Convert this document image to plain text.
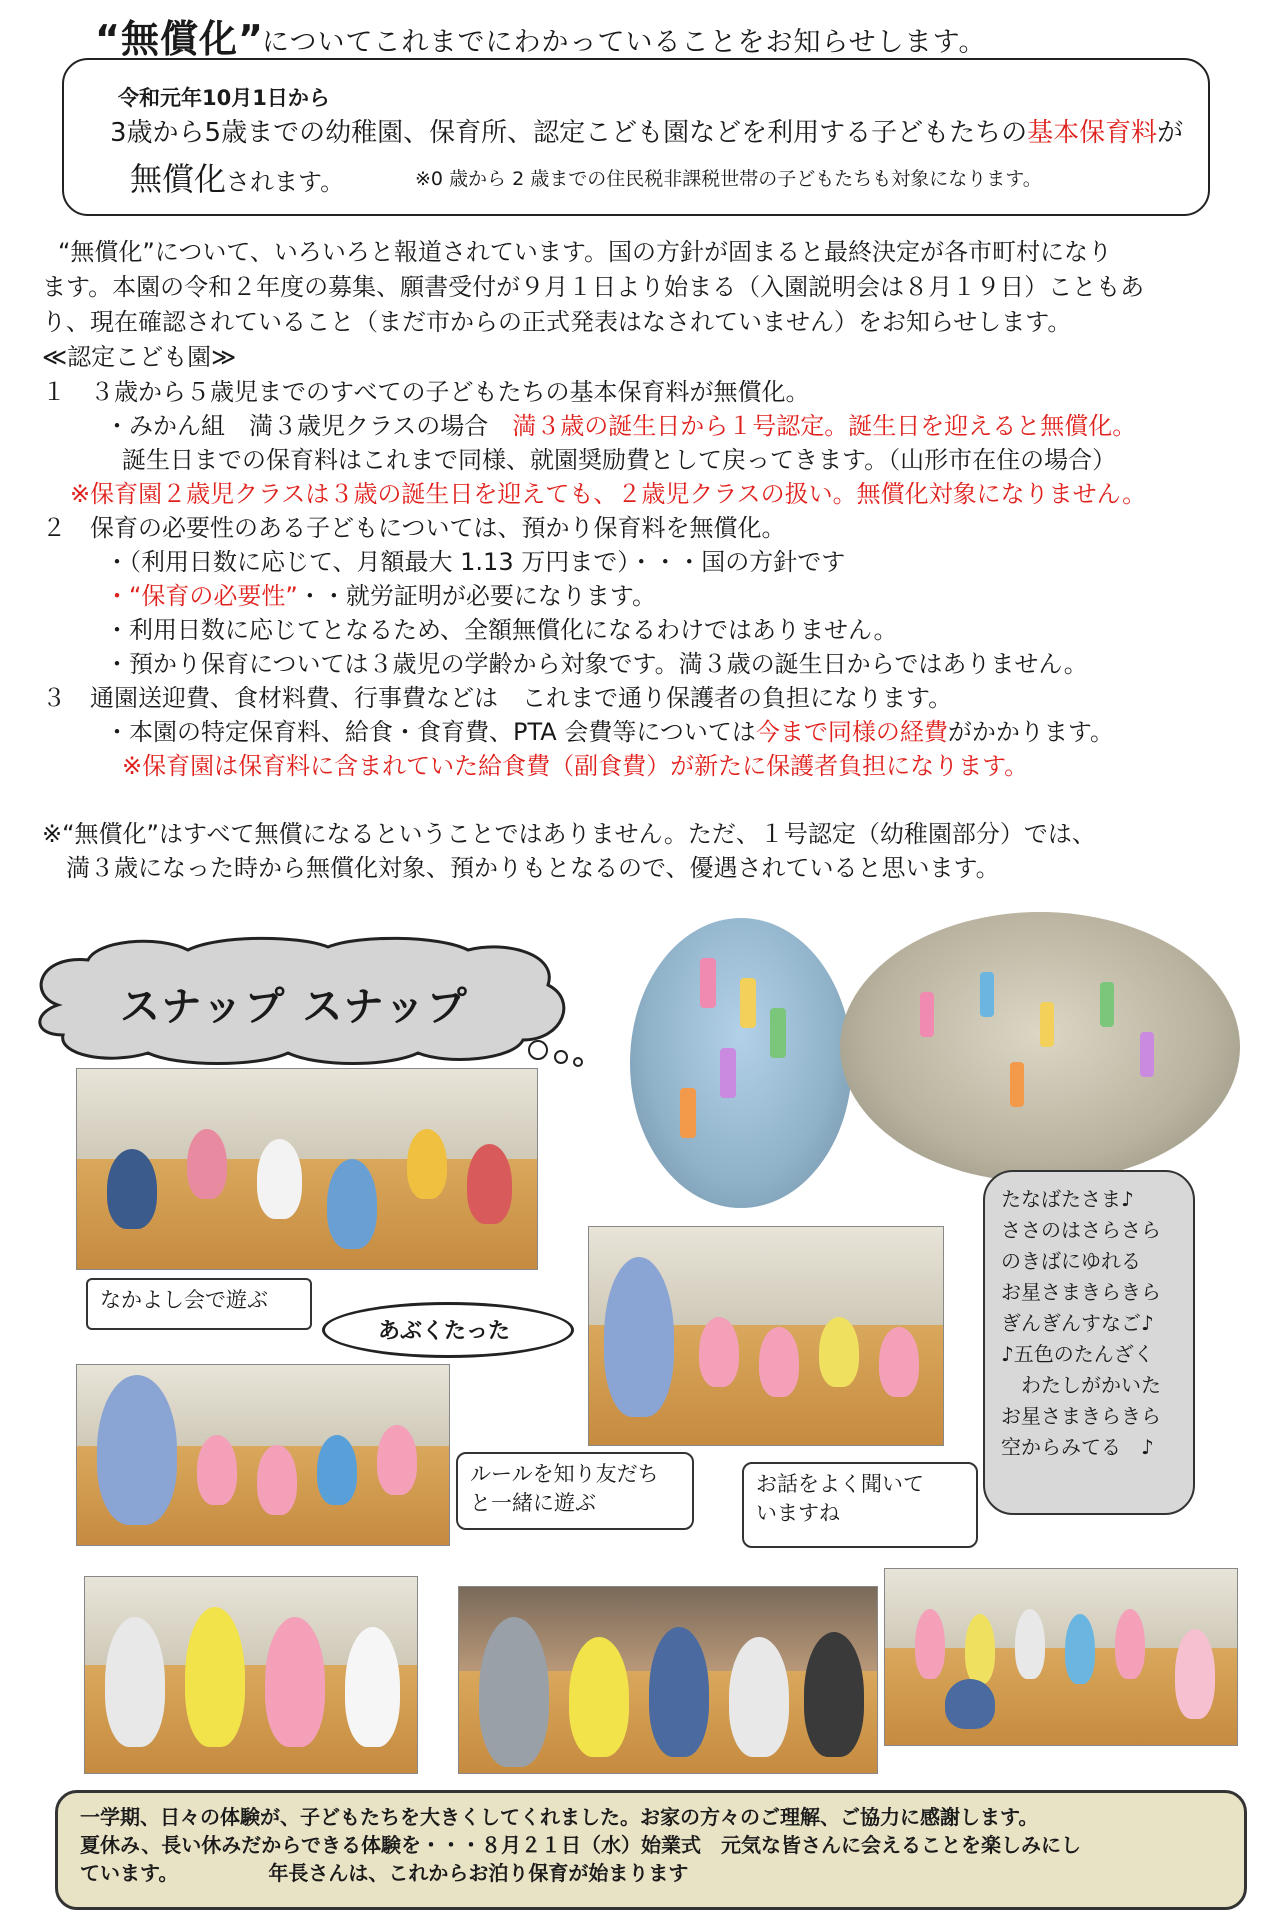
“無償化”
についてこれまでにわかっていることをお知らせします。
令和元年10月1日から
3歳から5歳までの幼稚園、保育所、認定こども園などを利用する子どもたちの基本保育料が
無償化されます。	※0 歳から 2 歳までの住民税非課税世帯の子どもたちも対象になります。
“無償化”について、いろいろと報道されています。国の方針が固まると最終決定が各市町村になり
ます。本園の令和２年度の募集、願書受付が９月１日より始まる（入園説明会は８月１９日）こともあ
り、現在確認されていること（まだ市からの正式発表はなされていません）をお知らせします。
≪認定こども園≫
１　３歳から５歳児までのすべての子どもたちの基本保育料が無償化。
・みかん組　満３歳児クラスの場合　満３歳の誕生日から１号認定。誕生日を迎えると無償化。
誕生日までの保育料はこれまで同様、就園奨励費として戻ってきます。（山形市在住の場合）
※保育園２歳児クラスは３歳の誕生日を迎えても、２歳児クラスの扱い。無償化対象になりません。
２　保育の必要性のある子どもについては、預かり保育料を無償化。
・（利用日数に応じて、月額最大 1.13 万円まで）・・・国の方針です
・“保育の必要性”・・就労証明が必要になります。
・利用日数に応じてとなるため、全額無償化になるわけではありません。
・預かり保育については３歳児の学齢から対象です。満３歳の誕生日からではありません。
３　通園送迎費、食材料費、行事費などは　これまで通り保護者の負担になります。
・本園の特定保育料、給食・食育費、PTA 会費等については今まで同様の経費がかかります。
※保育園は保育料に含まれていた給食費（副食費）が新たに保護者負担になります。
※“無償化”はすべて無償になるということではありません。ただ、１号認定（幼稚園部分）では、
　満３歳になった時から無償化対象、預かりもとなるので、優遇されていると思います。
スナップ スナップ
なかよし会で遊ぶ
あぶくたった
ルールを知り友だち
と一緒に遊ぶ
たなばたさま♪
ささのはさらさら
のきばにゆれる
お星さまきらきら
ぎんぎんすなご♪
♪五色のたんざく
　わたしがかいた
お星さまきらきら
空からみてる　♪
お話をよく聞いて
いますね
一学期、日々の体験が、子どもたちを大きくしてくれました。お家の方々のご理解、ご協力に感謝します。
夏休み、長い休みだからできる体験を・・・８月２１日（水）始業式　元気な皆さんに会えることを楽しみにし
ています。　　　　　年長さんは、これからお泊り保育が始まります
